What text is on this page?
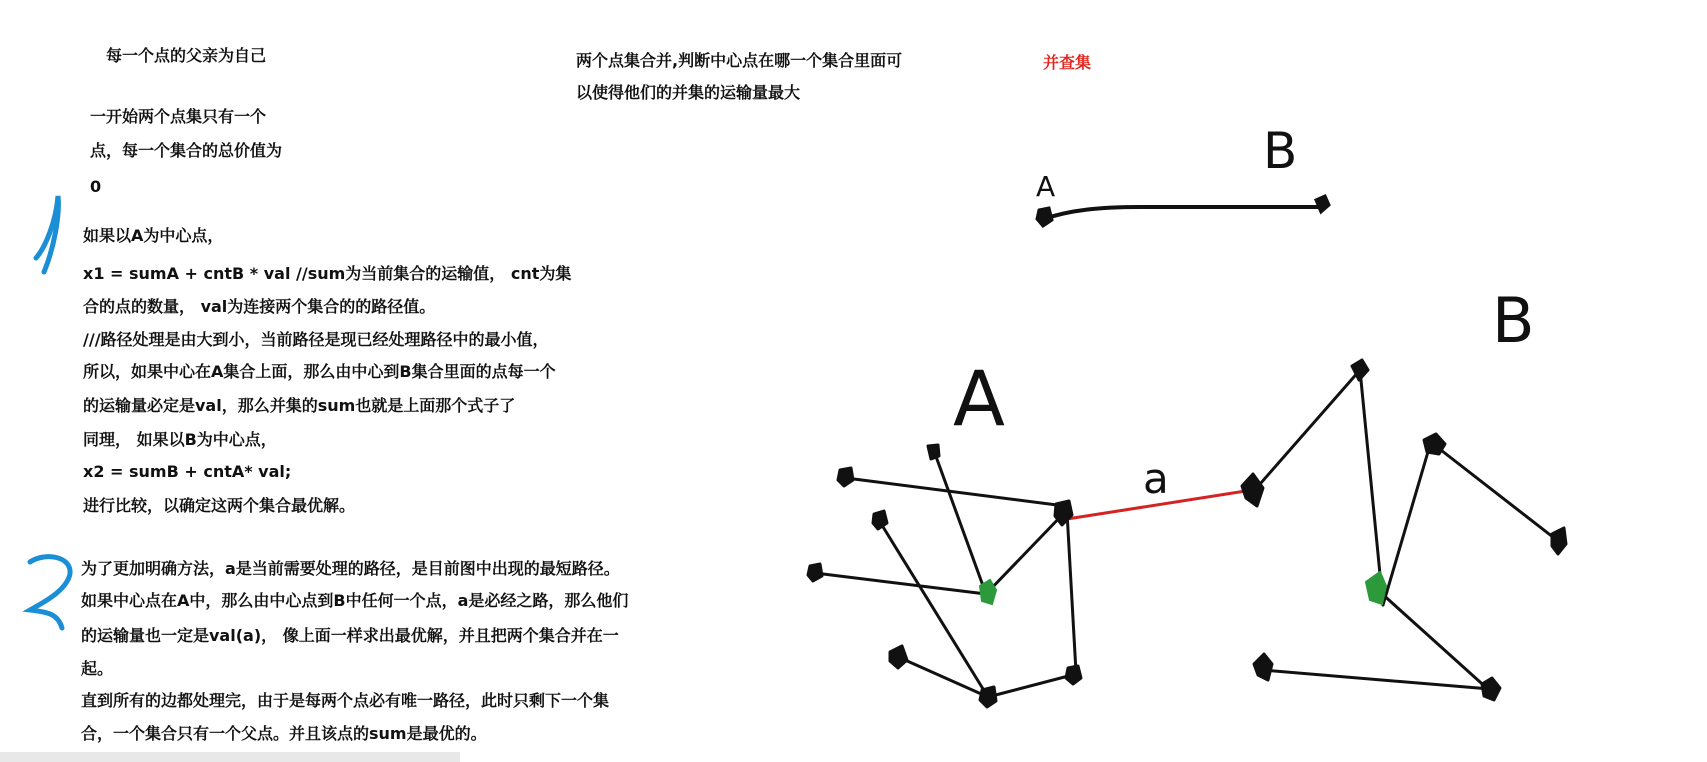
每一个点的父亲为自己	两个点集合并,判断中心点在哪一个集合里面可
以使得他们的并集的运输量最大
并查集
一开始两个点集只有一个
点，每一个集合的总价值为
0
如果以A为中心点，
x1 = sumA + cntB * val //sum为当前集合的运输值， cnt为集
合的点的数量， val为连接两个集合的的路径值。
///路径处理是由大到小，当前路径是现已经处理路径中的最小值，
所以，如果中心在A集合上面，那么由中心到B集合里面的点每一个
的运输量必定是val，那么并集的sum也就是上面那个式子了
同理， 如果以B为中心点，
x2 = sumB + cntA* val;
进行比较，以确定这两个集合最优解。
为了更加明确方法，a是当前需要处理的路径，是目前图中出现的最短路径。
如果中心点在A中，那么由中心点到B中任何一个点，a是必经之路，那么他们
的运输量也一定是val(a)， 像上面一样求出最优解，并且把两个集合并在一
起。
直到所有的边都处理完，由于是每两个点必有唯一路径，此时只剩下一个集
合，一个集合只有一个父点。并且该点的sum是最优的。
A
B
A
B
a
